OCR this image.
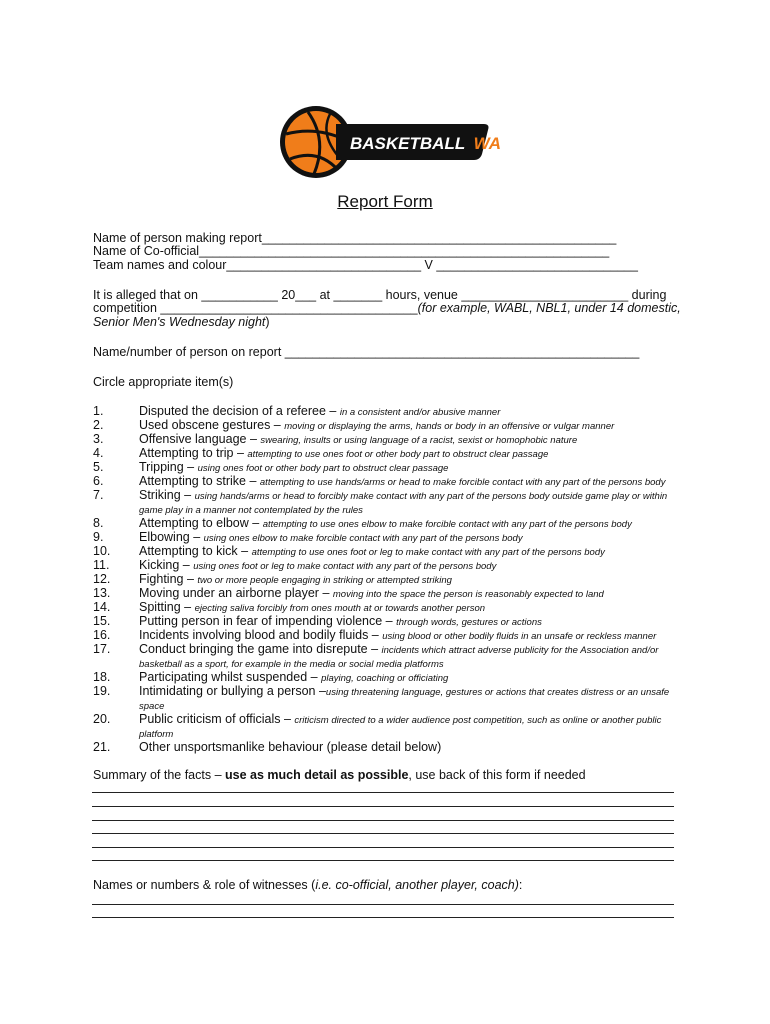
BASKETBALL WA
Report Form
Name of person making report___________________________________________________
Name of Co-official___________________________________________________________
Team names and colour____________________________ V _____________________________
It is alleged that on ___________ 20___ at _______ hours, venue ________________________ during
competition _____________________________________(for example, WABL, NBL1, under 14 domestic,
Senior Men's Wednesday night)
Name/number of person on report ___________________________________________________
Circle appropriate item(s)
1.	Disputed the decision of a referee – in a consistent and/or abusive manner
2.	Used obscene gestures – moving or displaying the arms, hands or body in an offensive or vulgar manner
3.	Offensive language – swearing, insults or using language of a racist, sexist or homophobic nature
4.	Attempting to trip – attempting to use ones foot or other body part to obstruct clear passage
5.	Tripping – using ones foot or other body part to obstruct clear passage
6.	Attempting to strike – attempting to use hands/arms or head to make forcible contact with any part of the persons body
7.	Striking – using hands/arms or head to forcibly make contact with any part of the persons body outside game play or within game play in a manner not contemplated by the rules
8.	Attempting to elbow – attempting to use ones elbow to make forcible contact with any part of the persons body
9.	Elbowing – using ones elbow to make forcible contact with any part of the persons body
10.	Attempting to kick – attempting to use ones foot or leg to make contact with any part of the persons body
11.	Kicking – using ones foot or leg to make contact with any part of the persons body
12.	Fighting – two or more people engaging in striking or attempted striking
13.	Moving under an airborne player – moving into the space the person is reasonably expected to land
14.	Spitting – ejecting saliva forcibly from ones mouth at or towards another person
15.	Putting person in fear of impending violence – through words, gestures or actions
16.	Incidents involving blood and bodily fluids – using blood or other bodily fluids in an unsafe or reckless manner
17.	Conduct bringing the game into disrepute – incidents which attract adverse publicity for the Association and/or basketball as a sport, for example in the media or social media platforms
18.	Participating whilst suspended – playing, coaching or officiating
19.	Intimidating or bullying a person –using threatening language, gestures or actions that creates distress or an unsafe space
20.	Public criticism of officials – criticism directed to a wider audience post competition, such as online or another public platform
21.	Other unsportsmanlike behaviour (please detail below)
Summary of the facts – use as much detail as possible, use back of this form if needed
Names or numbers & role of witnesses (i.e. co-official, another player, coach):
